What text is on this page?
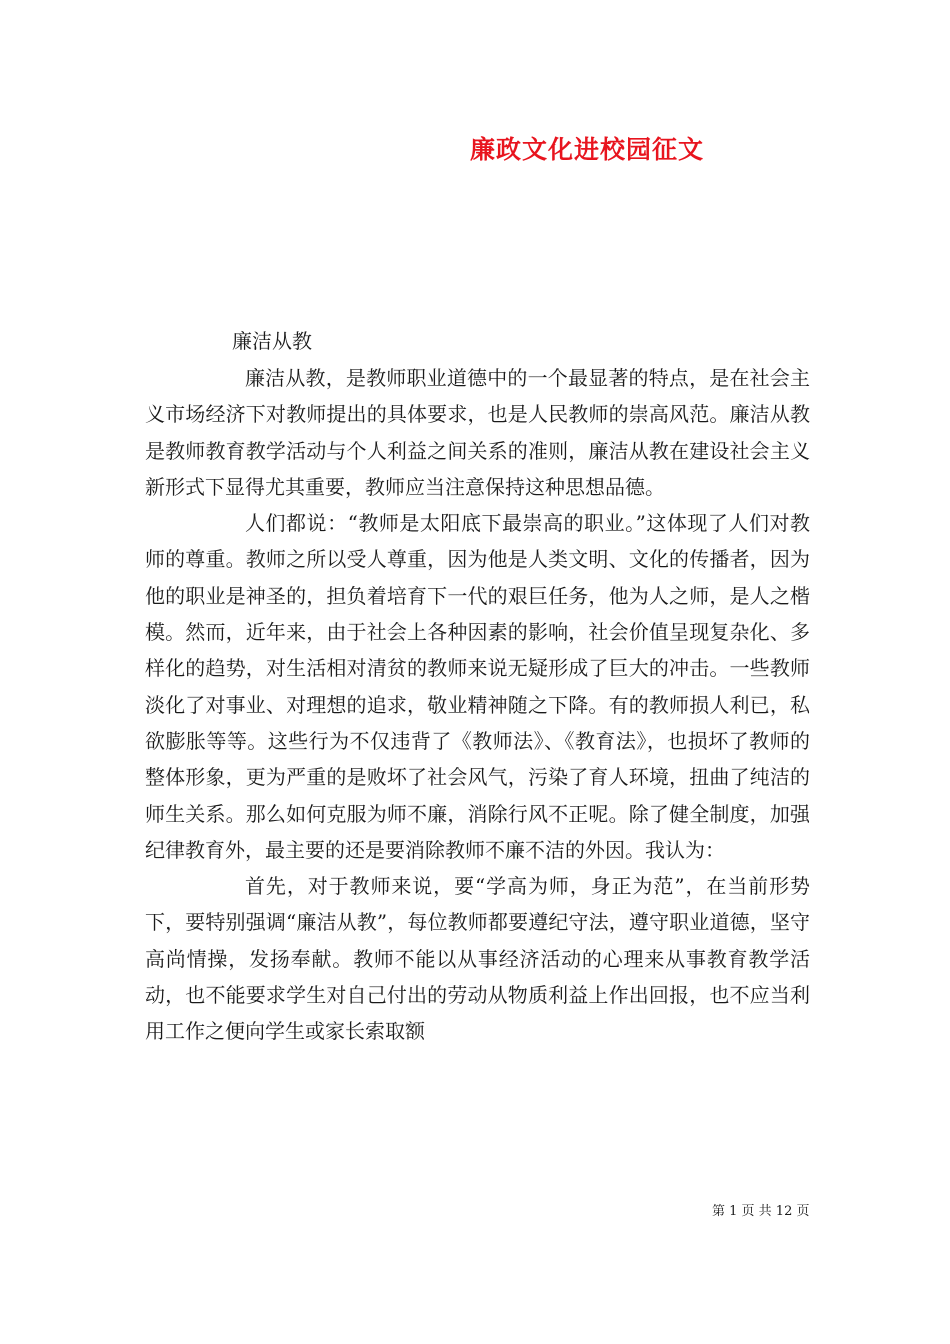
廉政文化进校园征文
廉洁从教

廉洁从教，是教师职业道德中的一个最显著的特点，是在社会主义市场经济下对教师提出的具体要求，也是人民教师的崇高风范。廉洁从教是教师教育教学活动与个人利益之间关系的准则，廉洁从教在建设社会主义新形式下显得尤其重要，教师应当注意保持这种思想品德。

人们都说：“教师是太阳底下最崇高的职业。”这体现了人们对教师的尊重。教师之所以受人尊重，因为他是人类文明、文化的传播者，因为他的职业是神圣的，担负着培育下一代的艰巨任务，他为人之师，是人之楷模。然而，近年来，由于社会上各种因素的影响，社会价值呈现复杂化、多样化的趋势，对生活相对清贫的教师来说无疑形成了巨大的冲击。一些教师淡化了对事业、对理想的追求，敬业精神随之下降。有的教师损人利已，私欲膨胀等等。这些行为不仅违背了《教师法》、《教育法》，也损坏了教师的整体形象，更为严重的是败坏了社会风气，污染了育人环境，扭曲了纯洁的师生关系。那么如何克服为师不廉，消除行风不正呢。除了健全制度，加强纪律教育外，最主要的还是要消除教师不廉不洁的外因。我认为：

首先，对于教师来说，要“学高为师，身正为范”，在当前形势下，要特别强调“廉洁从教”，每位教师都要遵纪守法，遵守职业道德，坚守高尚情操，发扬奉献。教师不能以从事经济活动的心理来从事教育教学活动，也不能要求学生对自己付出的劳动从物质利益上作出回报，也不应当利用工作之便向学生或家长索取额

第 1 页 共 12 页
